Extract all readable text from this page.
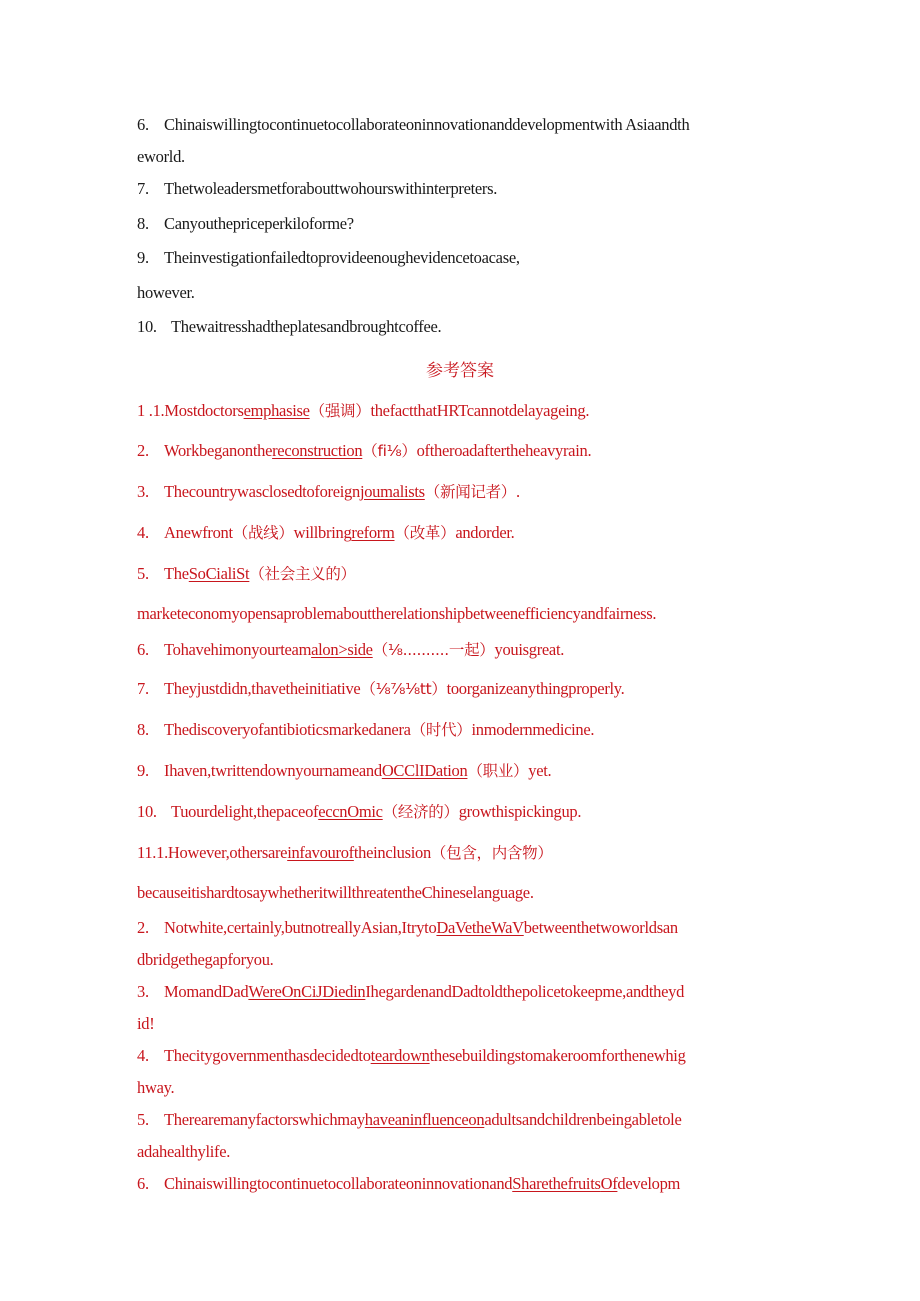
6. Chinaiswillingtocontinuetocollaborateoninnovationanddevelopmentwith Asiaandth
eworld.
7. Thetwoleadersmetforabouttwohourswithinterpreters.
8. Canyouthepriceperkiloforme?
9. Theinvestigationfailedtoprovideenoughevidencetoacase,
however.
10. Thewaitresshadtheplatesandbroughtcoffee.
参考答案
1 .1.Mostdoctorsemphasise（强调）thefactthatHRTcannotdelayageing.
2. Workbeganonthereconstruction（fi⅛）oftheroadaftertheheavyrain.
3. Thecountrywasclosedtoforeignjoumalists（新闻记者）.
4. Anewfront（战线）willbringreform（改革）andorder.
5. TheSoCialiSt（社会主义的）
marketeconomyopensaproblemabouttherelationshipbetweenefficiencyandfairness.
6. Tohavehimonyourteamalon>side（⅛..........一起）youisgreat.
7. Theyjustdidn,thavetheinitiative（⅛⅞⅛tt）toorganizeanythingproperly.
8. Thediscoveryofantibioticsmarkedanera（时代）inmodernmedicine.
9. Ihaven,twrittendownyournameandOCClIDation（职业）yet.
10. Tuourdelight,thepaceofeccnOmic（经济的）growthispickingup.
11.1.However,othersareinfavouroftheinclusion（包含，内含物）
becauseitishardtosaywhetheritwillthreatentheChineselanguage.
2. Notwhite,certainly,butnotreallyAsian,ItrytoDaVetheWaVbetweenthetwoworldsan
dbridgethegapforyou.
3. MomandDadWereOnCiJDiedinIhegardenandDadtoldthepolicetokeepme,andtheyd
id!
4. Thecitygovernmenthasdecidedtoteardownthesebuildingstomakeroomforthenewhig
hway.
5. Therearemanyfactorswhichmayhaveaninfluenceonadultsandchildrenbeingabletole
adahealthylife.
6. ChinaiswillingtocontinuetocollaborateoninnovationandSharethefruitsOfdevelopm
